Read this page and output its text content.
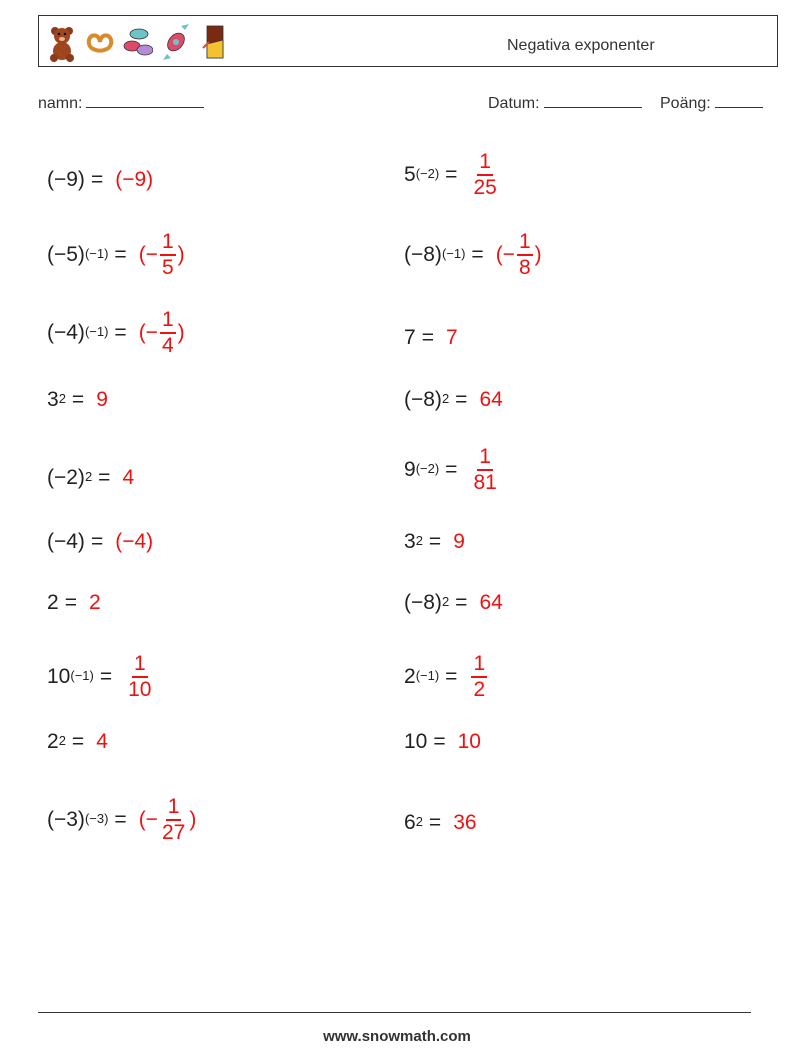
Negativa exponenter
namn:	Datum:	Poäng:
(−9) = (−9)
$(-5)^{(-1)}$ = (− $\frac{1}{5}$ )
$(-4)^{(-1)}$ = (− $\frac{1}{4}$ )
$3^2 = 9$
$(-2)^2 = 4$
(−4) = (−4)
2 = 2
$10^{(-1)} = \frac{1}{10}$
$2^2 = 4$
$(-3)^{(-3)}$ = (− $\frac{1}{27}$ )
$5^{(-2)} = \frac{1}{25}$
$(-8)^{(-1)}$ = (− $\frac{1}{8}$ )
7 = 7
$(-8)^2 = 64$
$9^{(-2)} = \frac{1}{81}$
$3^2 = 9$
$(-8)^2 = 64$
$2^{(-1)} = \frac{1}{2}$
10 = 10
$6^2 = 36$
www.snowmath.com
